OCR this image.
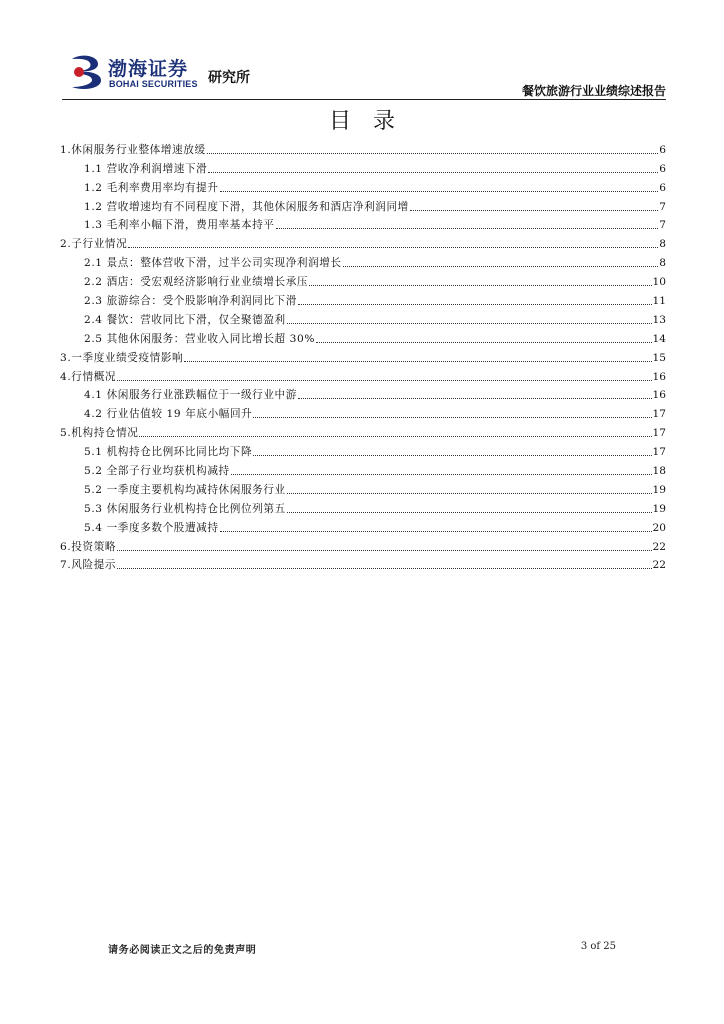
渤海证券
BOHAI SECURITIES 研究所
餐饮旅游行业业绩综述报告
目录
1.休闲服务行业整体增速放缓	6
1.1 营收净利润增速下滑	6
1.2 毛利率费用率均有提升	6
1.2 营收增速均有不同程度下滑，其他休闲服务和酒店净利润同增	7
1.3 毛利率小幅下滑，费用率基本持平	7
2.子行业情况	8
2.1 景点：整体营收下滑，过半公司实现净利润增长	8
2.2 酒店：受宏观经济影响行业业绩增长承压	10
2.3 旅游综合：受个股影响净利润同比下滑	11
2.4 餐饮：营收同比下滑，仅全聚德盈利	13
2.5 其他休闲服务：营业收入同比增长超 30%	14
3.一季度业绩受疫情影响	15
4.行情概况	16
4.1 休闲服务行业涨跌幅位于一级行业中游	16
4.2 行业估值较 19 年底小幅回升	17
5.机构持仓情况	17
5.1 机构持仓比例环比同比均下降	17
5.2 全部子行业均获机构减持	18
5.2 一季度主要机构均减持休闲服务行业	19
5.3 休闲服务行业机构持仓比例位列第五	19
5.4 一季度多数个股遭减持	20
6.投资策略	22
7.风险提示	22
请务必阅读正文之后的免责声明	3 of 25
